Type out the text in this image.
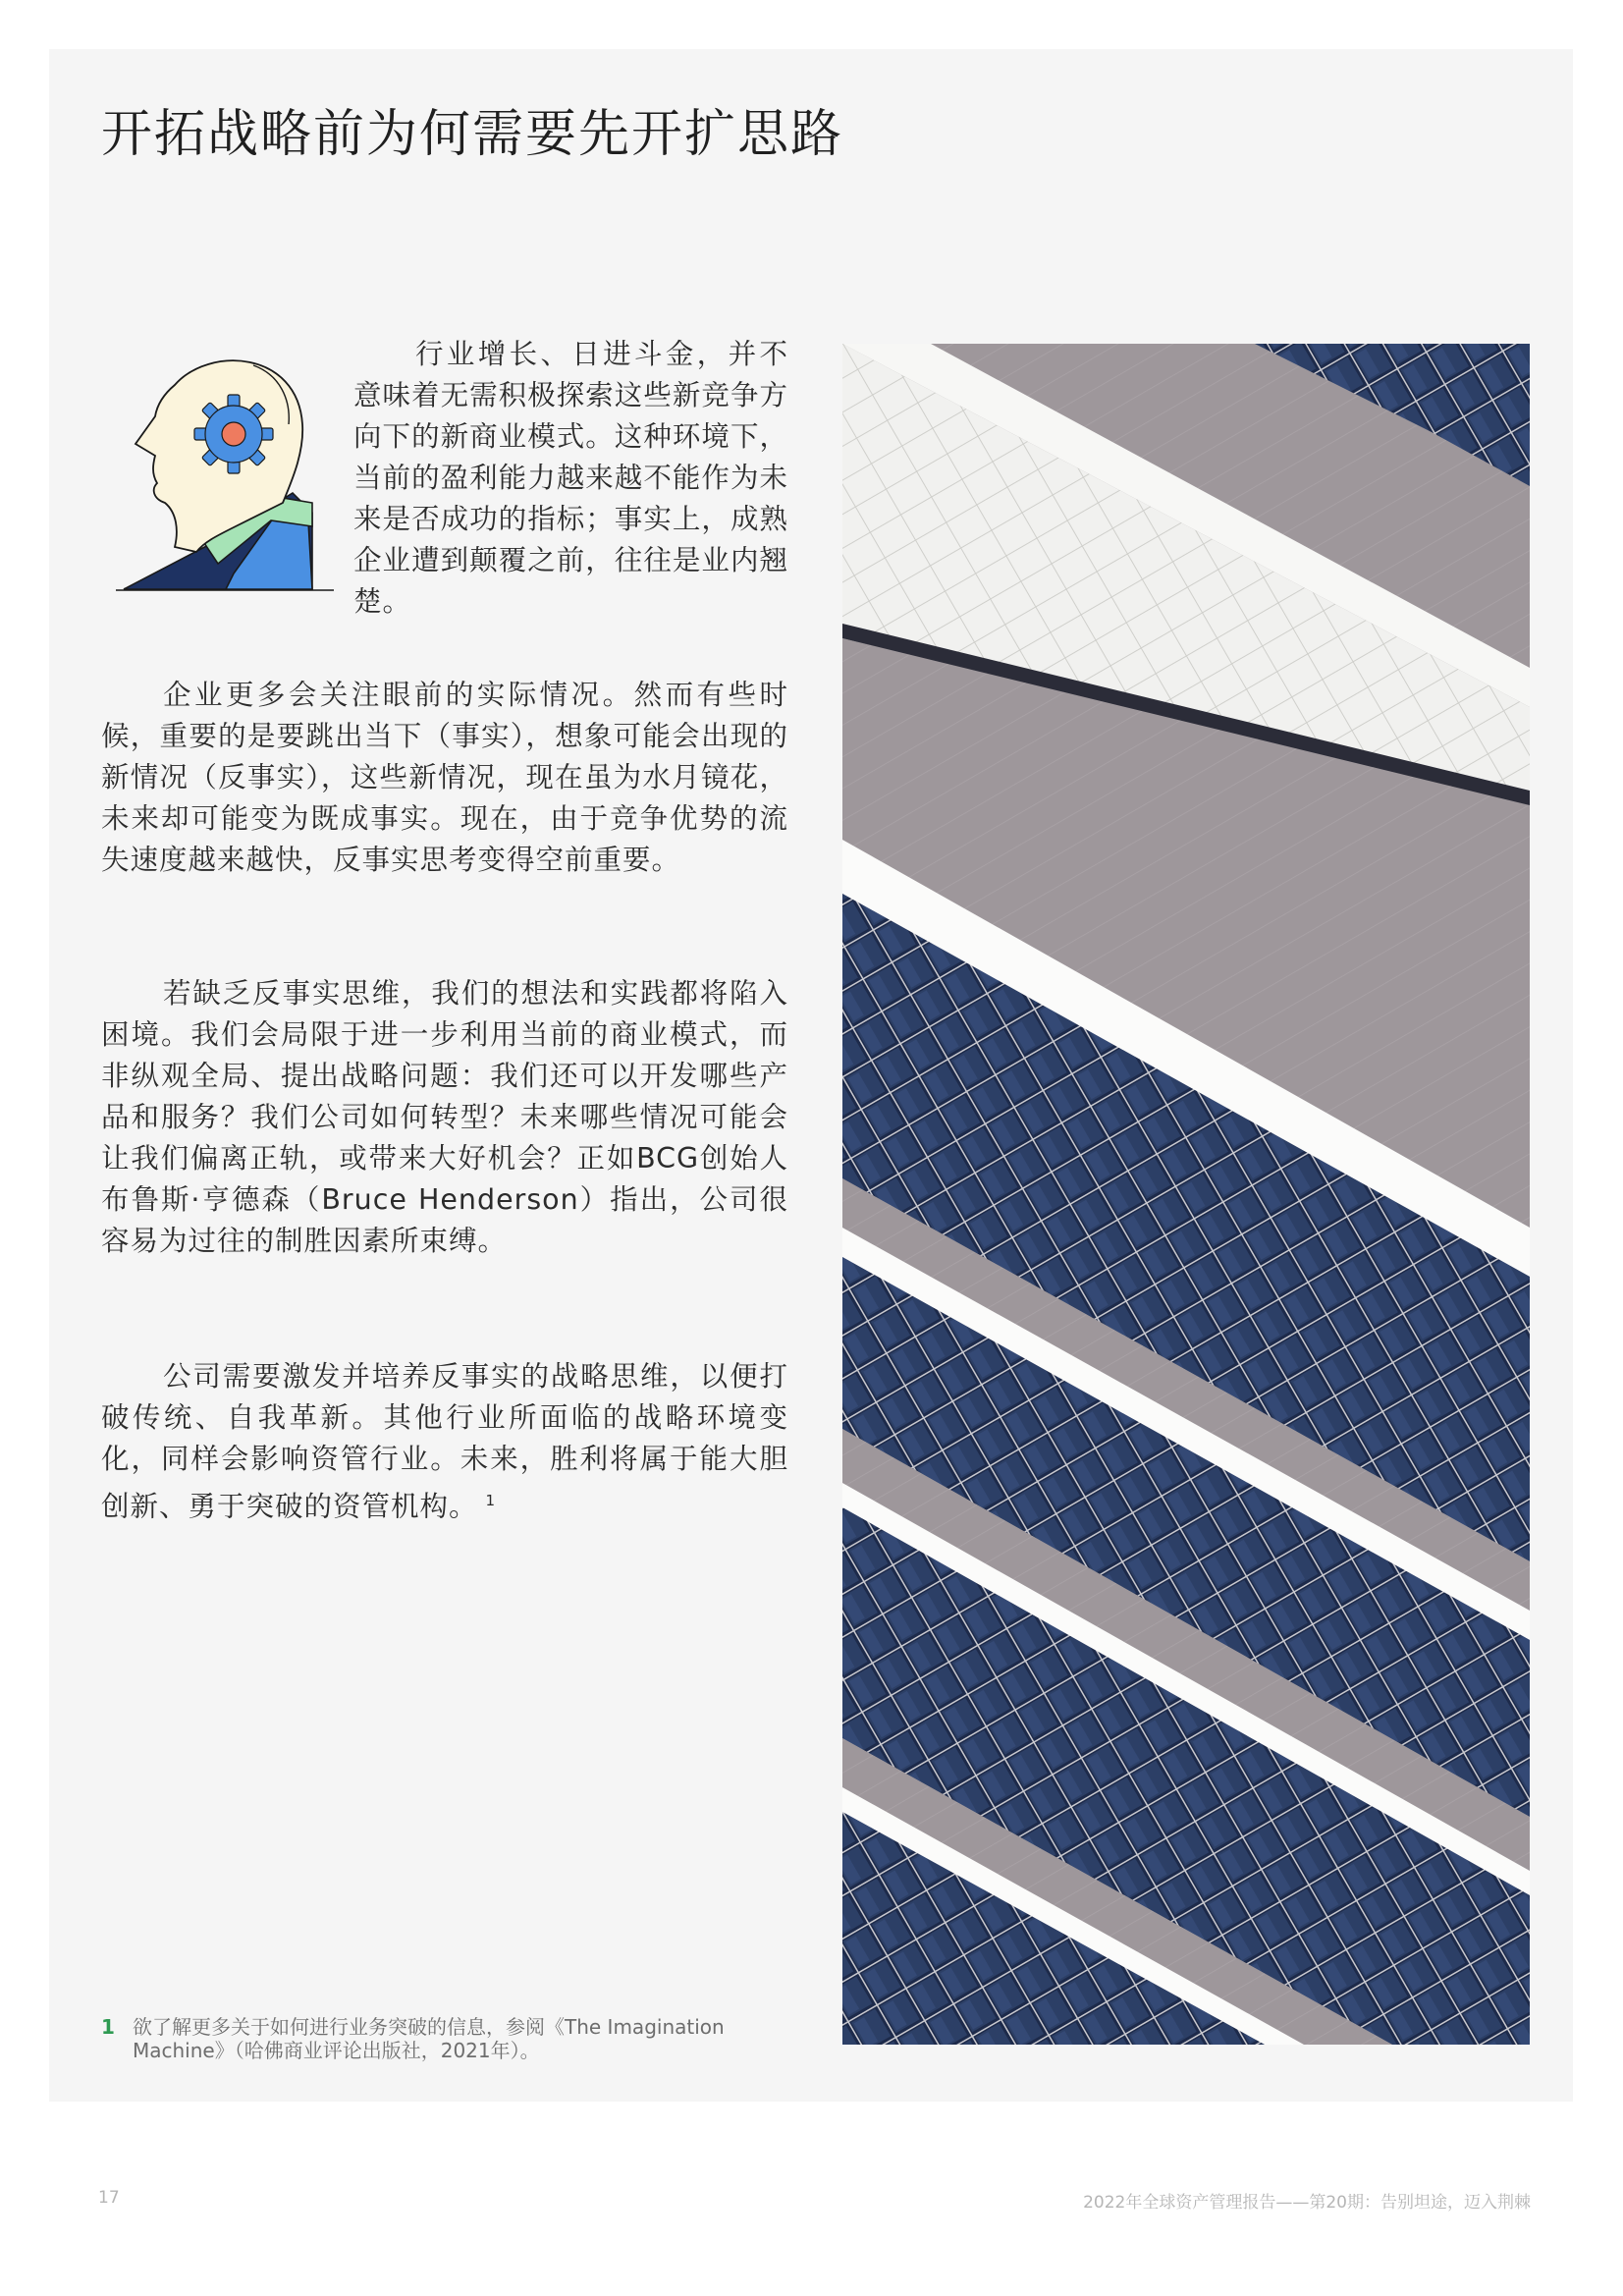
开拓战略前为何需要先开扩思路

行业增长、日进斗金，并不意味着无需积极探索这些新竞争方向下的新商业模式。这种环境下，当前的盈利能力越来越不能作为未来是否成功的指标；事实上，成熟企业遭到颠覆之前，往往是业内翘楚。

企业更多会关注眼前的实际情况。然而有些时候，重要的是要跳出当下（事实），想象可能会出现的新情况（反事实），这些新情况，现在虽为水月镜花，未来却可能变为既成事实。现在，由于竞争优势的流失速度越来越快，反事实思考变得空前重要。

若缺乏反事实思维，我们的想法和实践都将陷入困境。我们会局限于进一步利用当前的商业模式，而非纵观全局、提出战略问题：我们还可以开发哪些产品和服务？我们公司如何转型？未来哪些情况可能会让我们偏离正轨，或带来大好机会？正如BCG创始人布鲁斯·亨德森（Bruce Henderson）指出，公司很容易为过往的制胜因素所束缚。

公司需要激发并培养反事实的战略思维，以便打破传统、自我革新。其他行业所面临的战略环境变化，同样会影响资管行业。未来，胜利将属于能大胆创新、勇于突破的资管机构。 $^1$

1 欲了解更多关于如何进行业务突破的信息，参阅《The Imagination Machine》（哈佛商业评论出版社，2021年）。
17	2022年全球资产管理报告——第20期：告别坦途，迈入荆棘
